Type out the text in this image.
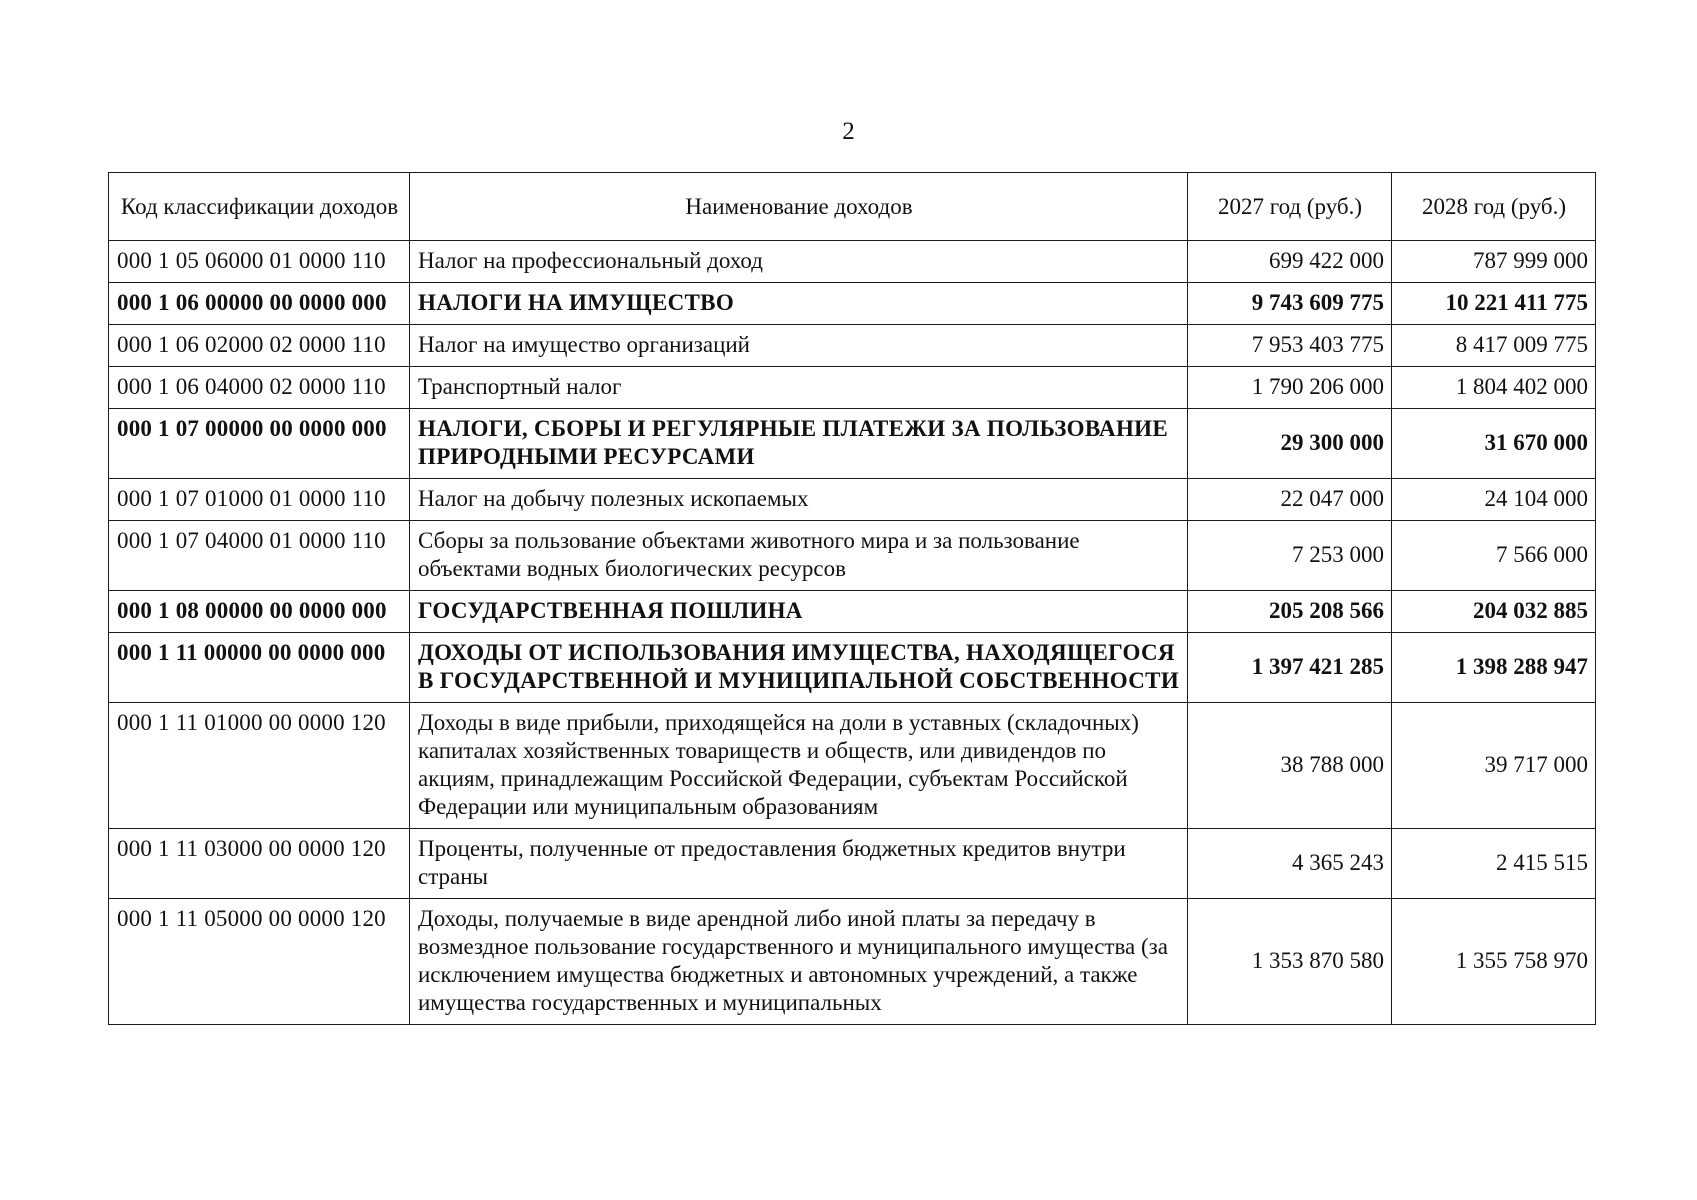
2
Код классификации доходов	Наименование доходов	2027 год (руб.)	2028 год (руб.)
000 1 05 06000 01 0000 110	Налог на профессиональный доход	699 422 000	787 999 000
000 1 06 00000 00 0000 000	НАЛОГИ НА ИМУЩЕСТВО	9 743 609 775	10 221 411 775
000 1 06 02000 02 0000 110	Налог на имущество организаций	7 953 403 775	8 417 009 775
000 1 06 04000 02 0000 110	Транспортный налог	1 790 206 000	1 804 402 000
000 1 07 00000 00 0000 000	НАЛОГИ, СБОРЫ И РЕГУЛЯРНЫЕ ПЛАТЕЖИ ЗА ПОЛЬЗОВАНИЕ ПРИРОДНЫМИ РЕСУРСАМИ	29 300 000	31 670 000
000 1 07 01000 01 0000 110	Налог на добычу полезных ископаемых	22 047 000	24 104 000
000 1 07 04000 01 0000 110	Сборы за пользование объектами животного мира и за пользование объектами водных биологических ресурсов	7 253 000	7 566 000
000 1 08 00000 00 0000 000	ГОСУДАРСТВЕННАЯ ПОШЛИНА	205 208 566	204 032 885
000 1 11 00000 00 0000 000	ДОХОДЫ ОТ ИСПОЛЬЗОВАНИЯ ИМУЩЕСТВА, НАХОДЯЩЕГОСЯ В ГОСУДАРСТВЕННОЙ И МУНИЦИПАЛЬНОЙ СОБСТВЕННОСТИ	1 397 421 285	1 398 288 947
000 1 11 01000 00 0000 120	Доходы в виде прибыли, приходящейся на доли в уставных (складочных) капиталах хозяйственных товариществ и обществ, или дивидендов по акциям, принадлежащим Российской Федерации, субъектам Российской Федерации или муниципальным образованиям	38 788 000	39 717 000
000 1 11 03000 00 0000 120	Проценты, полученные от предоставления бюджетных кредитов внутри страны	4 365 243	2 415 515
000 1 11 05000 00 0000 120	Доходы, получаемые в виде арендной либо иной платы за передачу в возмездное пользование государственного и муниципального имущества (за исключением имущества бюджетных и автономных учреждений, а также имущества государственных и муниципальных	1 353 870 580	1 355 758 970
